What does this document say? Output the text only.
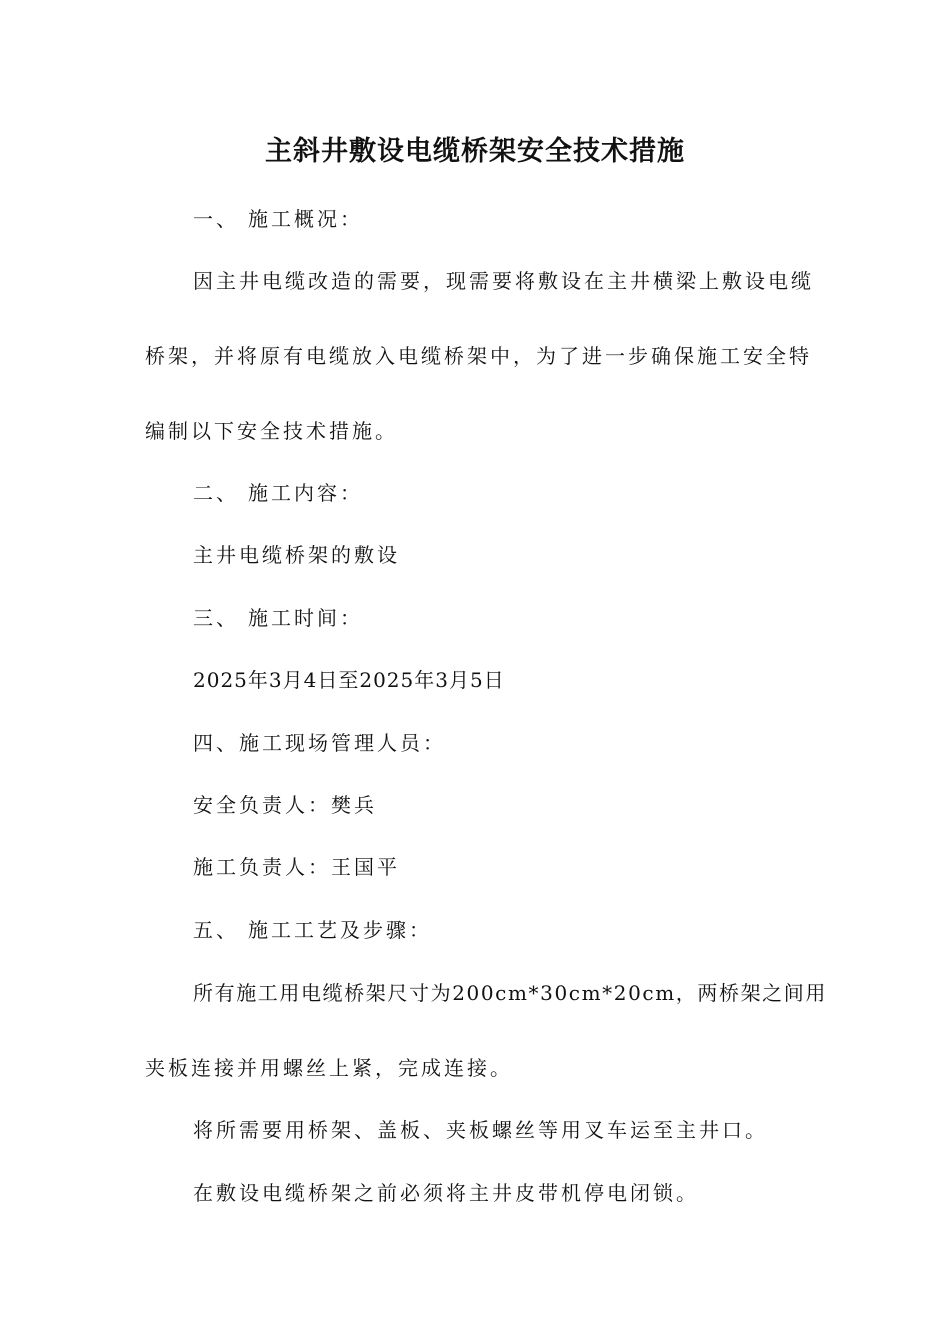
主斜井敷设电缆桥架安全技术措施
一、 施工概况：
因主井电缆改造的需要，现需要将敷设在主井横梁上敷设电缆
桥架，并将原有电缆放入电缆桥架中，为了进一步确保施工安全特
编制以下安全技术措施。
二、 施工内容：
主井电缆桥架的敷设
三、 施工时间：
2025年3月4日至2025年3月5日
四、施工现场管理人员：
安全负责人：樊兵
施工负责人：王国平
五、 施工工艺及步骤：
所有施工用电缆桥架尺寸为200cm*30cm*20cm，两桥架之间用
夹板连接并用螺丝上紧，完成连接。
将所需要用桥架、盖板、夹板螺丝等用叉车运至主井口。
在敷设电缆桥架之前必须将主井皮带机停电闭锁。
